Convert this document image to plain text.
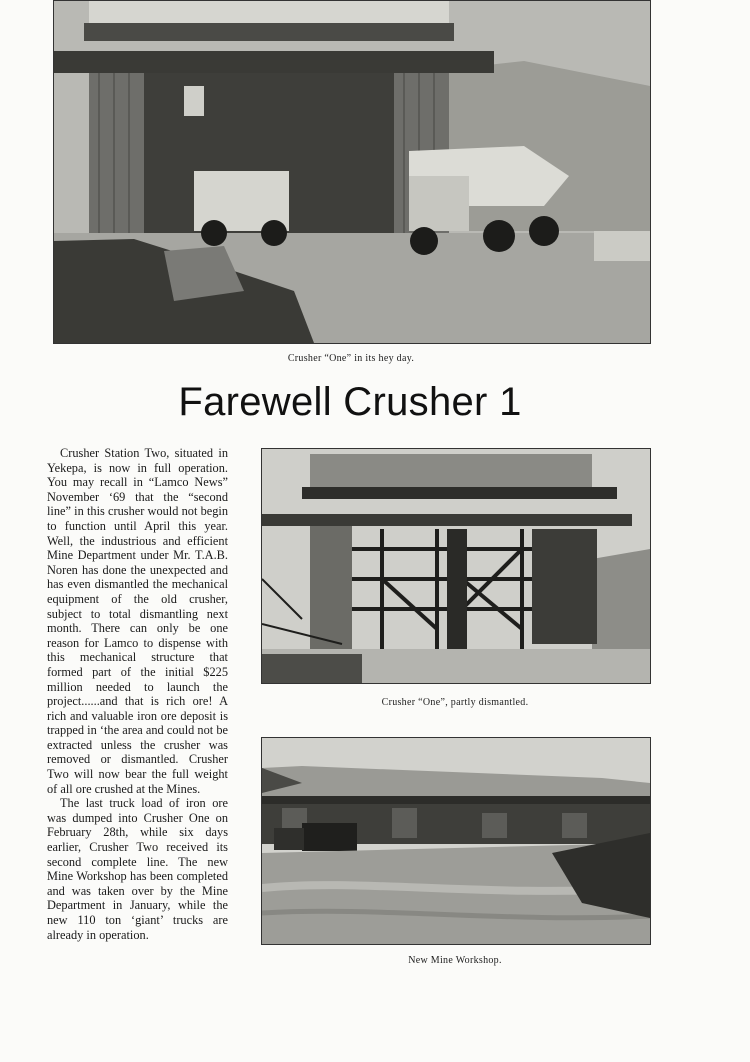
Crusher “One” in its hey day.
Farewell Crusher 1

Crusher Station Two, situated in Yekepa, is now in full operation. You may recall in “Lamco News” November ‘69 that the “second line” in this crusher would not begin to function until April this year. Well, the industrious and efficient Mine Department under Mr. T.A.B. Noren has done the unexpected and has even dismantled the mechanical equipment of the old crusher, subject to total dismantling next month. There can only be one reason for Lamco to dispense with this mechanical structure that formed part of the initial $225 million needed to launch the project......and that is rich ore! A rich and valuable iron ore deposit is trapped in ‘the area and could not be extracted unless the crusher was removed or dismantled. Crusher Two will now bear the full weight of all ore crushed at the Mines.

The last truck load of iron ore was dumped into Crusher One on February 28th, while six days earlier, Crusher Two received its second complete line. The new Mine Workshop has been completed and was taken over by the Mine Department in January, while the new 110 ton ‘giant’ trucks are already in operation.

Crusher “One”, partly dismantled.
New Mine Workshop.
